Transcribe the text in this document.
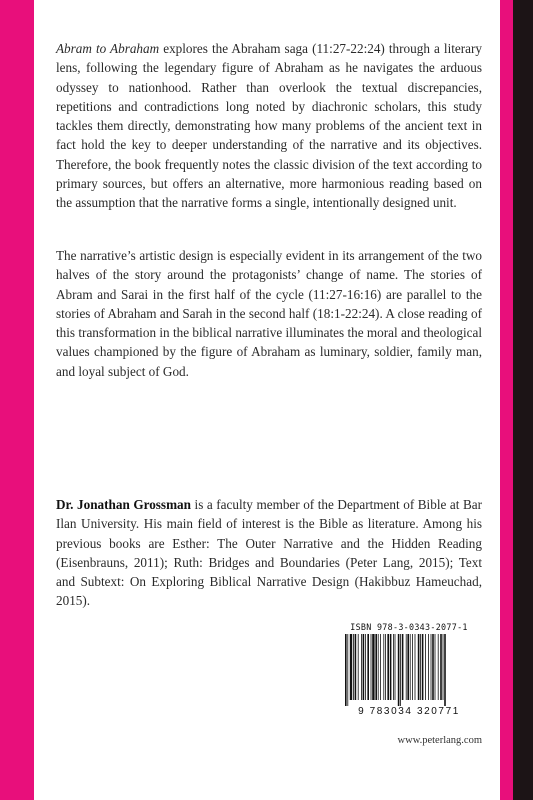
Abram to Abraham explores the Abraham saga (11:27-22:24) through a literary lens, following the legendary figure of Abraham as he navigates the arduous odyssey to nationhood. Rather than overlook the textual discrepancies, repetitions and contradictions long noted by diachronic scholars, this study tackles them directly, demonstrating how many problems of the ancient text in fact hold the key to deeper understanding of the narrative and its objectives. Therefore, the book frequently notes the classic division of the text according to primary sources, but offers an alternative, more harmonious reading based on the assumption that the narrative forms a single, intentionally designed unit.

The narrative’s artistic design is especially evident in its arrangement of the two halves of the story around the protagonists’ change of name. The stories of Abram and Sarai in the first half of the cycle (11:27-16:16) are parallel to the stories of Abraham and Sarah in the second half (18:1-22:24). A close reading of this transformation in the biblical narrative illuminates the moral and theological values championed by the figure of Abraham as luminary, soldier, family man, and loyal subject of God.

Dr. Jonathan Grossman is a faculty member of the Department of Bible at Bar Ilan University. His main field of interest is the Bible as literature. Among his previous books are Esther: The Outer Narrative and the Hidden Reading (Eisenbrauns, 2011); Ruth: Bridges and Boundaries (Peter Lang, 2015); Text and Subtext: On Exploring Biblical Narrative Design (Hakibbuz Hameuchad, 2015).

ISBN 978-3-0343-2077-1
9 783034 320771
www.peterlang.com
